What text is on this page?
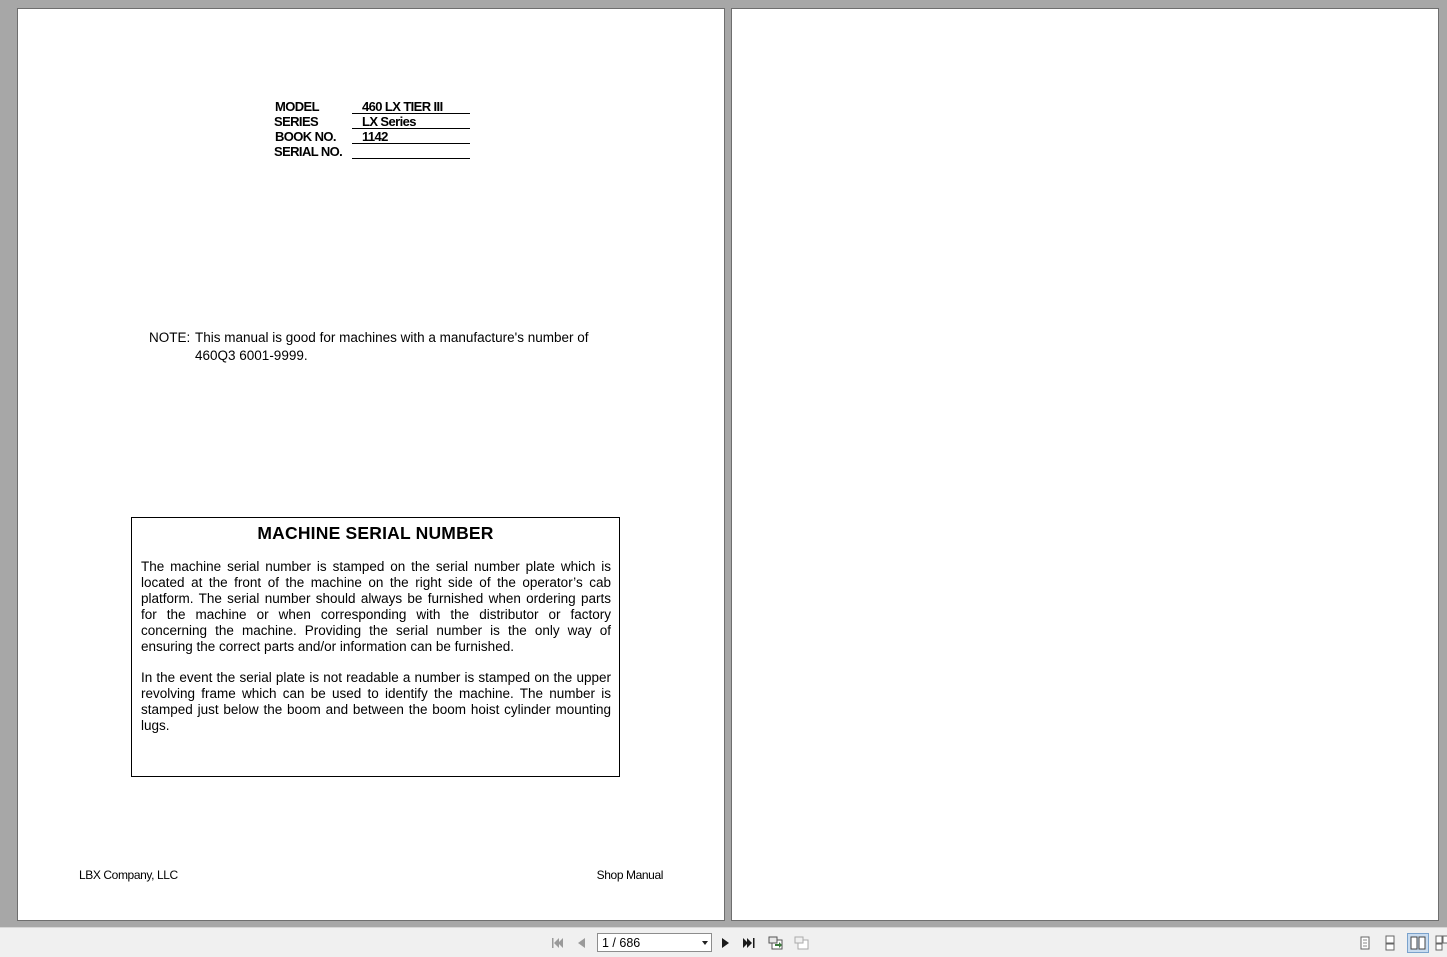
MODEL	460 LX TIER III
SERIES	LX Series
BOOK NO. 1142
SERIAL NO.
NOTE: This manual is good for machines with a manufacture's number of 460Q3 6001-9999.
MACHINE SERIAL NUMBER
The machine serial number is stamped on the serial number plate which is located at the front of the machine on the right side of the operator’s cab platform. The serial number should always be furnished when ordering parts for the machine or when corresponding with the distributor or factory concerning the machine. Providing the serial number is the only way of ensuring the correct parts and/or information can be furnished.
In the event the serial plate is not readable a number is stamped on the upper revolving frame which can be used to identify the machine. The number is stamped just below the boom and between the boom hoist cylinder mounting lugs.
LBX Company, LLC	Shop Manual
1 / 686
